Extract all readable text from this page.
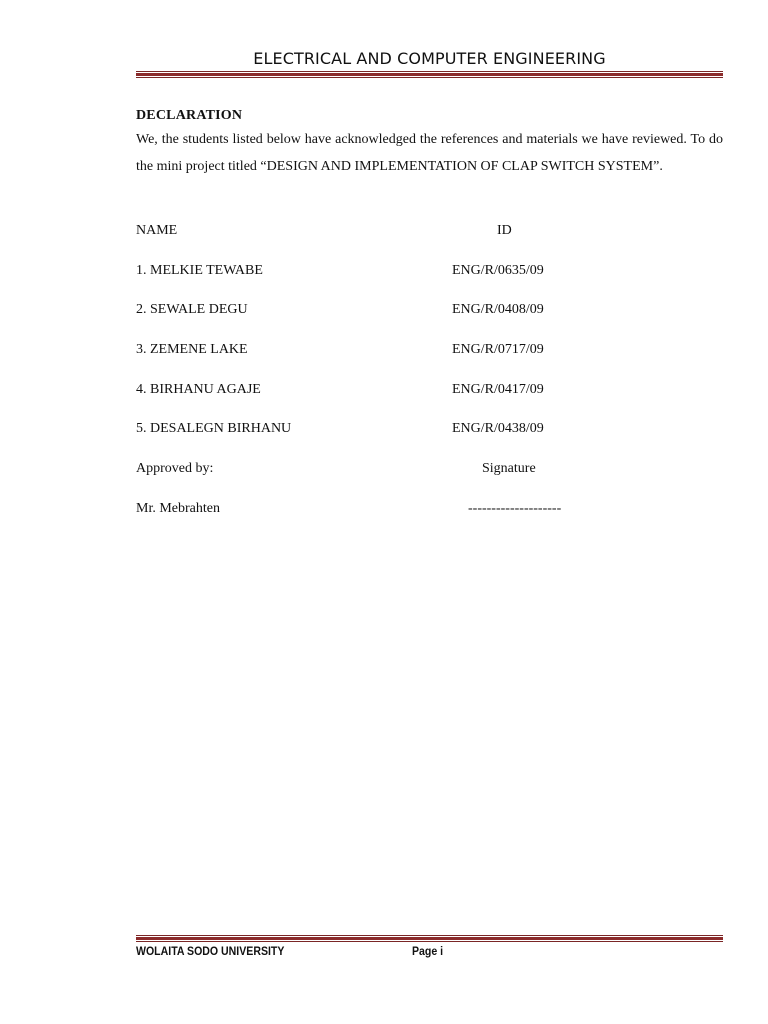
ELECTRICAL AND COMPUTER ENGINEERING
DECLARATION
We, the students listed below have acknowledged the references and materials we have reviewed. To do the mini project titled “DESIGN AND IMPLEMENTATION OF CLAP SWITCH SYSTEM”.
NAME	ID
1. MELKIE TEWABE	ENG/R/0635/09
2. SEWALE DEGU	ENG/R/0408/09
3. ZEMENE LAKE	ENG/R/0717/09
4. BIRHANU AGAJE	ENG/R/0417/09
5. DESALEGN BIRHANU	ENG/R/0438/09
Approved by:	Signature
Mr. Mebrahten	--------------------
WOLAITA SODO UNIVERSITY	Page i
